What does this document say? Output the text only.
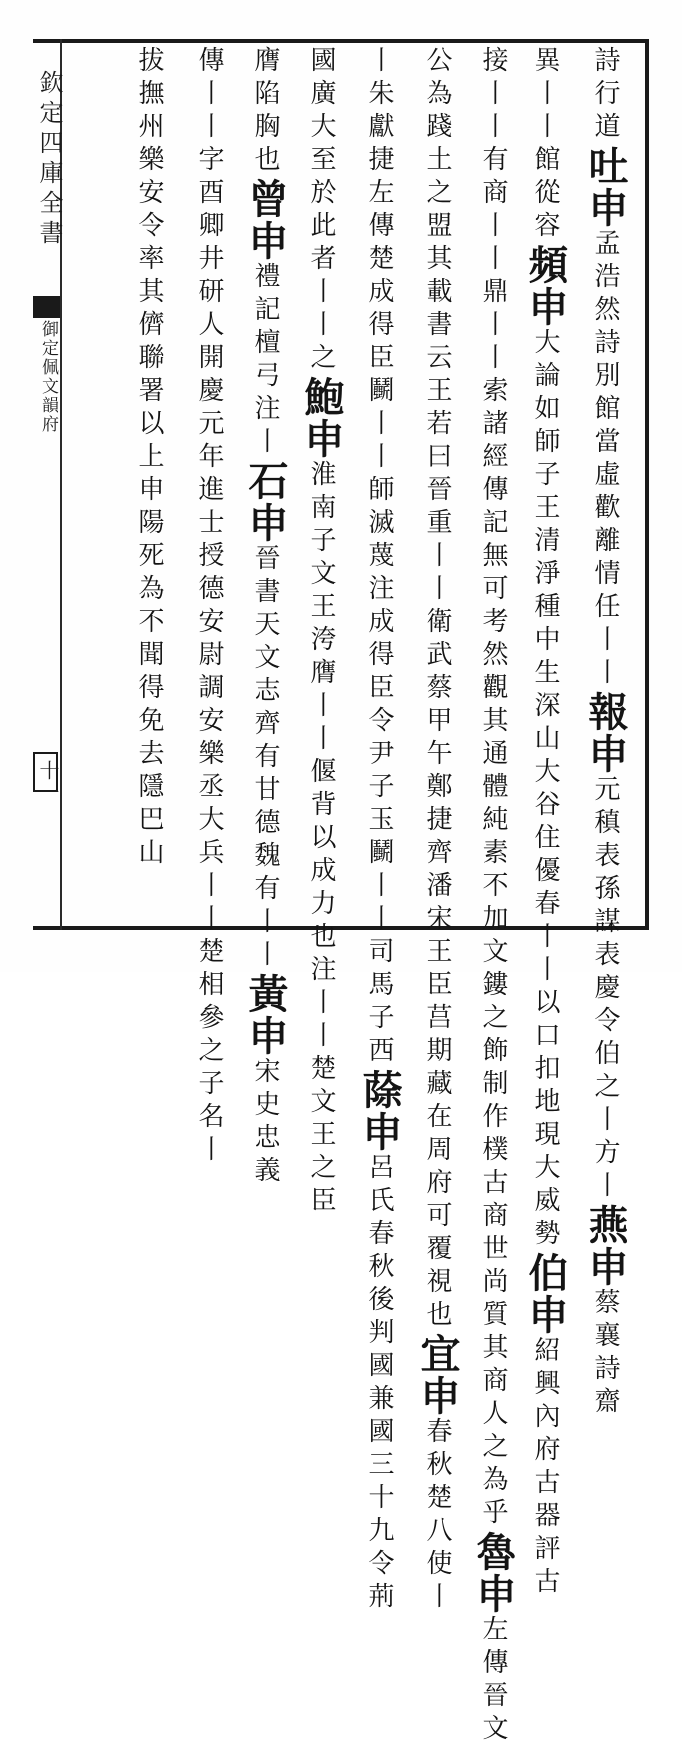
欽定四庫全書
御定佩文韻府
十一
詩行道吐申孟浩然詩別館當虛歡離情任丨丨報申元稹表孫謀表慶令伯之丨方丨燕申蔡襄詩齋
異丨丨館從容頻申大論如師子王清淨種中生深山大谷住優春丨丨以口扣地現大威勢伯申紹興內府古器評古
接丨丨有商丨丨鼎丨丨索諸經傳記無可考然觀其通體純素不加文鏤之飾制作樸古商世尚質其商人之為乎魯申左傳晉文
公為踐土之盟其載書云王若曰晉重丨丨衛武蔡甲午鄭捷齊潘宋王臣莒期藏在周府可覆視也宜申春秋楚八使丨
丨朱獻捷左傳楚成得臣鬭丨丨師滅蔑注成得臣令尹子玉鬭丨丨司馬子西蒢申呂氏春秋後判國兼國三十九令荊
國廣大至於此者丨丨之鮑申淮南子文王洿膺丨丨偃背以成力也注丨丨楚文王之臣
膺陷胸也曾申禮記檀弓注丨石申晉書天文志齊有甘德魏有丨丨黃申宋史忠義
傳丨丨字酉卿井研人開慶元年進士授德安尉調安樂丞大兵丨丨楚相參之子名丨
拔撫州樂安令率其儕聯署以上申陽死為不聞得免去隱巴山
